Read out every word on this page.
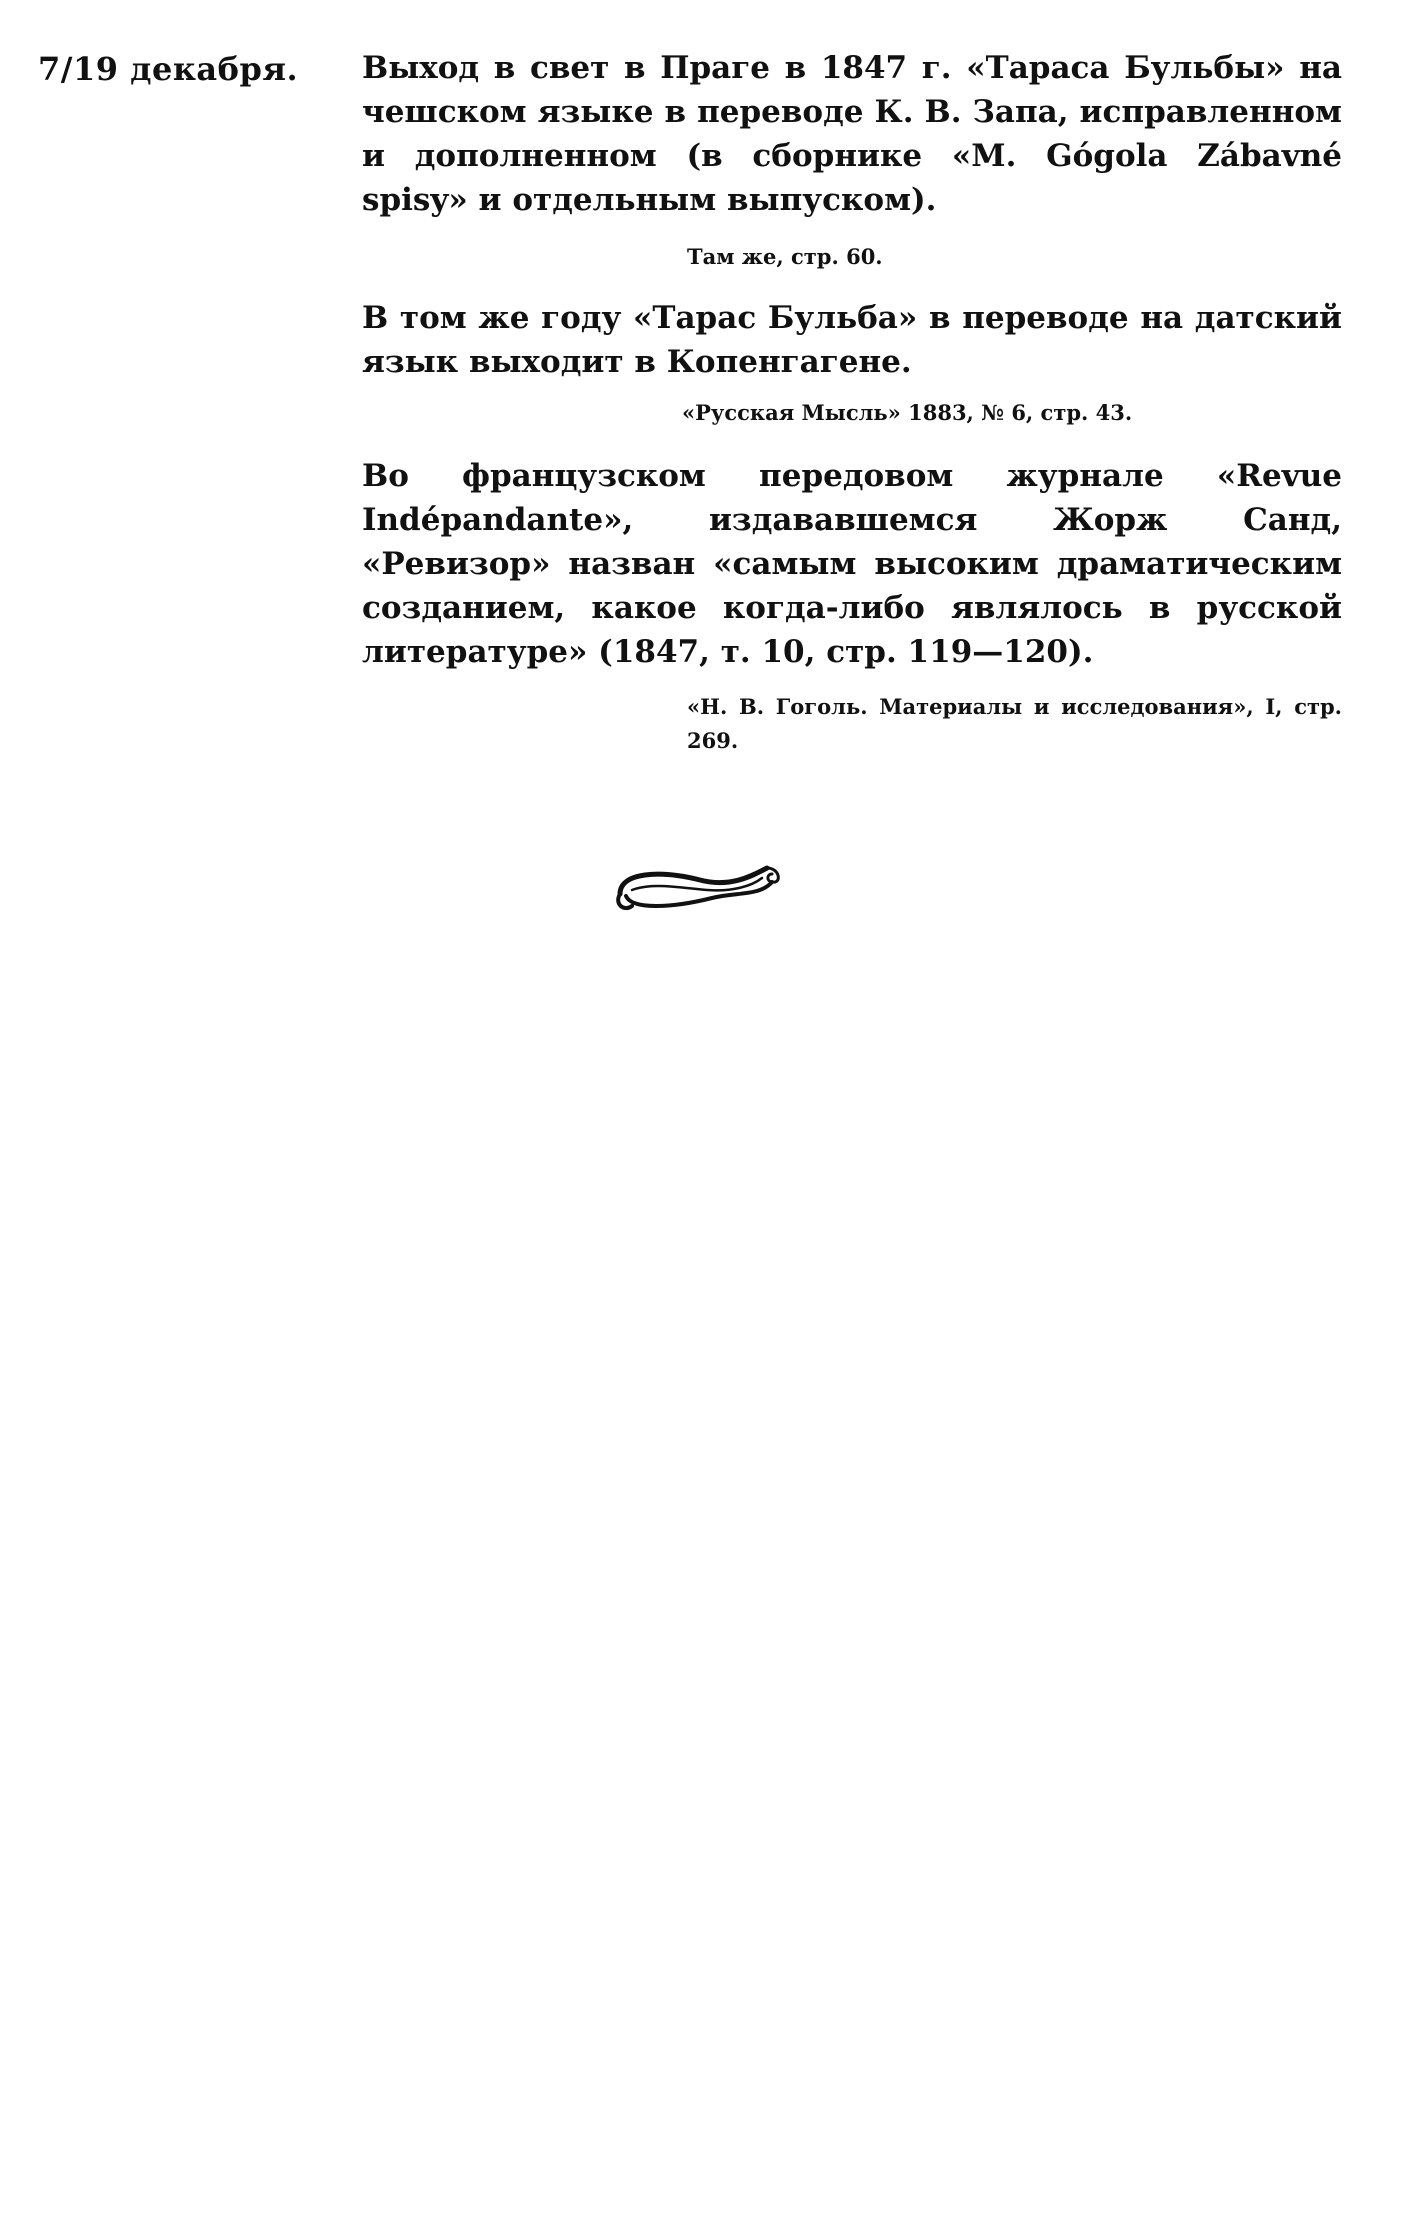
7/19 декабря. Выход в свет в Праге в 1847 г. «Тараса Бульбы» на чешском языке в переводе К. В. Запа, исправленном и дополненном (в сборнике «M. Gógola Zábavné spisy» и отдельным выпуском).

Там же, стр. 60.

В том же году «Тарас Бульба» в переводе на датский язык выходит в Копенгагене.

«Русская Мысль» 1883, № 6, стр. 43.

Во французском передовом журнале «Revue Indépandante», издававшемся Жорж Санд, «Ревизор» назван «самым высоким драматическим созданием, какое когда-либо являлось в русской литературе» (1847, т. 10, стр. 119—120).

«Н. В. Гоголь. Материалы и исследования», I, стр. 269.
